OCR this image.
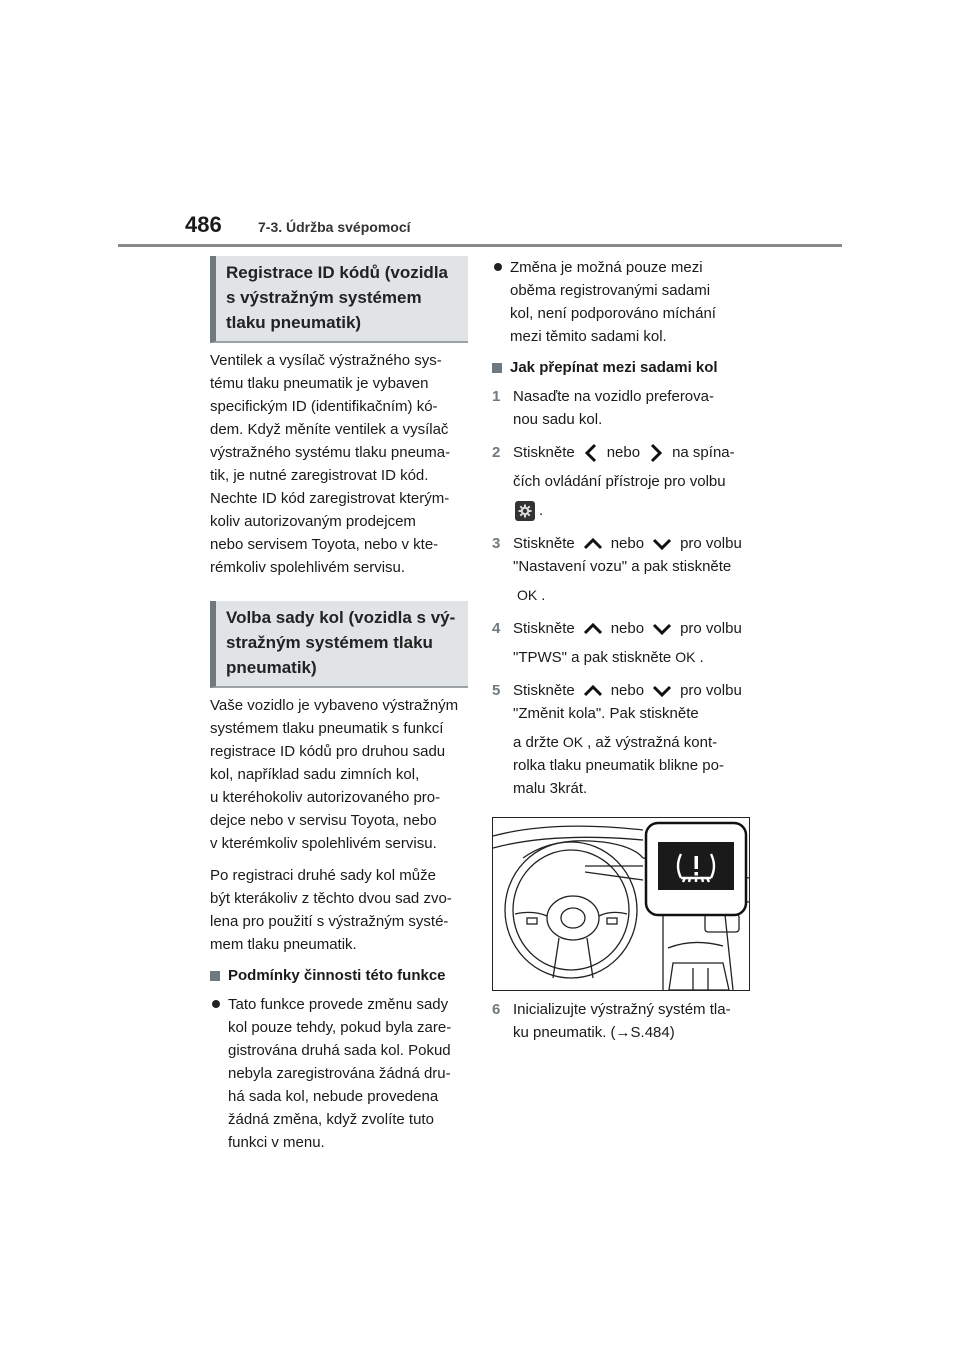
486	7-3. Údržba svépomocí
Registrace ID kódů (vozidla
s výstražným systémem
tlaku pneumatik)
Ventilek a vysílač výstražného sys-
tému tlaku pneumatik je vybaven
specifickým ID (identifikačním) kó-
dem. Když měníte ventilek a vysílač
výstražného systému tlaku pneuma-
tik, je nutné zaregistrovat ID kód.
Nechte ID kód zaregistrovat kterým-
koliv autorizovaným prodejcem
nebo servisem Toyota, nebo v kte-
rémkoliv spolehlivém servisu.
Volba sady kol (vozidla s vý-
stražným systémem tlaku
pneumatik)
Vaše vozidlo je vybaveno výstražným
systémem tlaku pneumatik s funkcí
registrace ID kódů pro druhou sadu
kol, například sadu zimních kol,
u kteréhokoliv autorizovaného pro-
dejce nebo v servisu Toyota, nebo
v kterémkoliv spolehlivém servisu.
Po registraci druhé sady kol může
být kterákoliv z těchto dvou sad zvo-
lena pro použití s výstražným systé-
mem tlaku pneumatik.
Podmínky činnosti této funkce
Tato funkce provede změnu sady
kol pouze tehdy, pokud byla zare-
gistrována druhá sada kol. Pokud
nebyla zaregistrována žádná dru-
há sada kol, nebude provedena
žádná změna, když zvolíte tuto
funkci v menu.
Změna je možná pouze mezi
oběma registrovanými sadami
kol, není podporováno míchání
mezi těmito sadami kol.
Jak přepínat mezi sadami kol
1 Nasaďte na vozidlo preferova-
nou sadu kol.
2 Stiskněte nebo na spína-
čích ovládání přístroje pro volbu
.
3 Stiskněte nebo pro volbu
"Nastavení vozu" a pak stiskněte
OK .
4 Stiskněte nebo pro volbu
"TPWS" a pak stiskněte OK .
5 Stiskněte nebo pro volbu
"Změnit kola". Pak stiskněte
a držte OK , až výstražná kont-
rolka tlaku pneumatik blikne po-
malu 3krát.
6 Inicializujte výstražný systém tla-
ku pneumatik. (→S.484)
